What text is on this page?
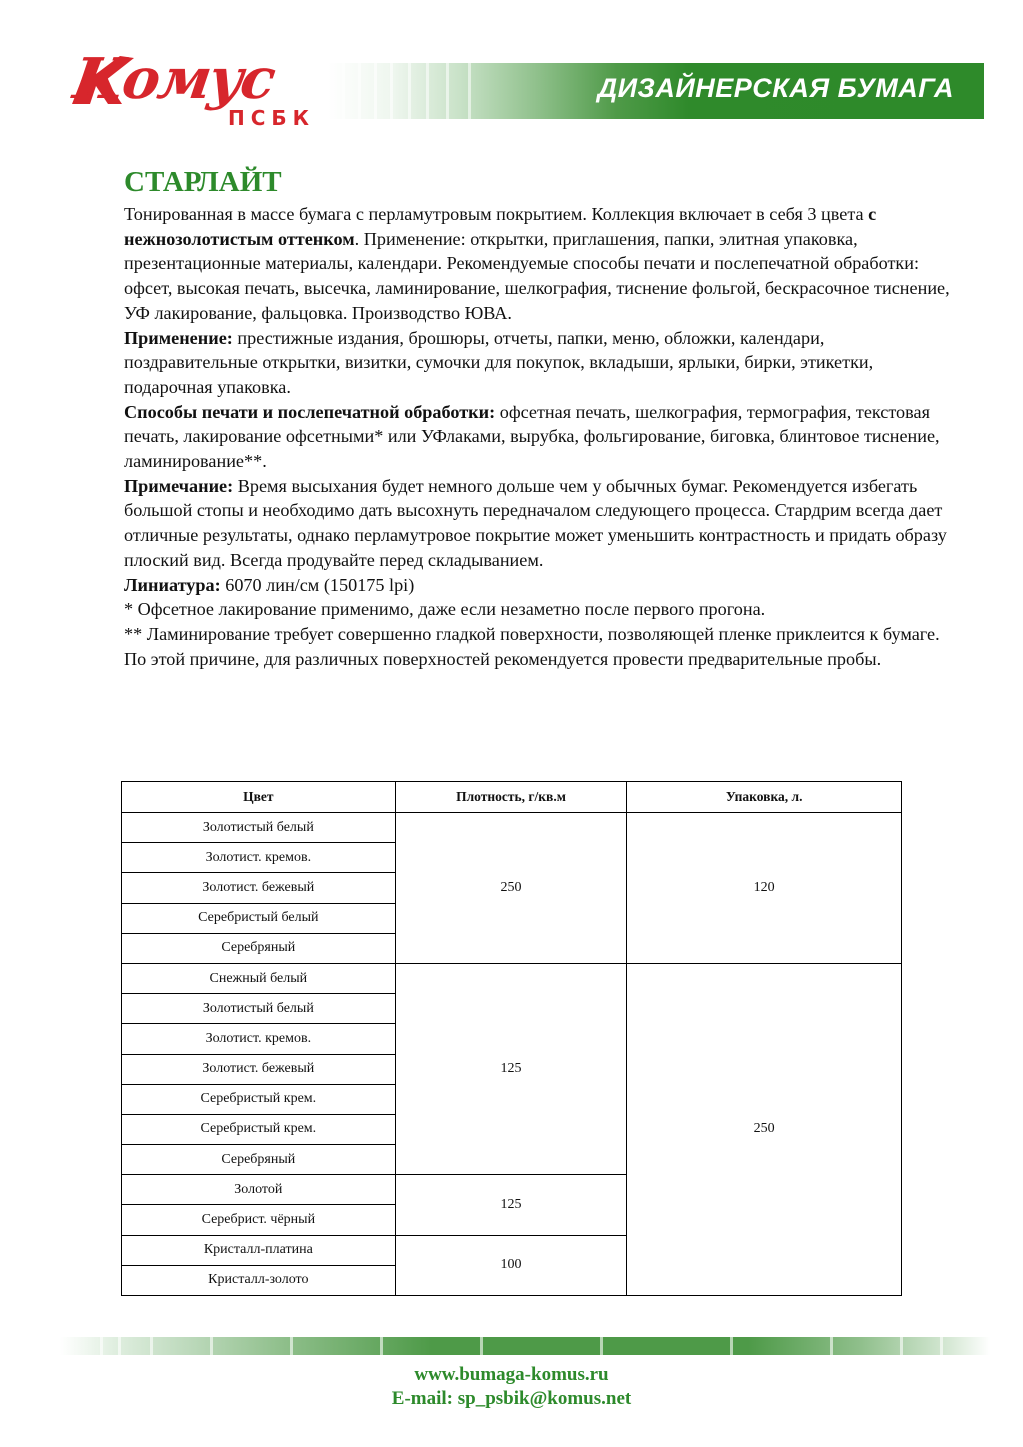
Комус
ПСБК
ДИЗАЙНЕРСКАЯ БУМАГА
СТАРЛАЙТ

Тонированная в массе бумага с перламутровым покрытием. Коллекция включает в себя 3 цвета с нежнозолотистым оттенком. Применение: открытки, приглашения, папки, элитная упаковка, презентационные материалы, календари. Рекомендуемые способы печати и послепечатной обработки: офсет, высокая печать, высечка, ламинирование, шелкография, тиснение фольгой, бескрасочное тиснение, УФ лакирование, фальцовка. Производство ЮВА.

Применение: престижные издания, брошюры, отчеты, папки, меню, обложки, календари, поздравительные открытки, визитки, сумочки для покупок, вкладыши, ярлыки, бирки, этикетки, подарочная упаковка.

Способы печати и послепечатной обработки: офсетная печать, шелкография, термография, текстовая печать, лакирование офсетными* или УФлаками, вырубка, фольгирование, биговка, блинтовое тиснение, ламинирование**.

Примечание: Время высыхания будет немного дольше чем у обычных бумаг. Рекомендуется избегать большой стопы и необходимо дать высохнуть передначалом следующего процесса. Стардрим всегда дает отличные результаты, однако перламутровое покрытие может уменьшить контрастность и придать образу плоский вид. Всегда продувайте перед складыванием.

Линиатура: 6070 лин/см (150175 lpi)

* Офсетное лакирование применимо, даже если незаметно после первого прогона.

** Ламинирование требует совершенно гладкой поверхности, позволяющей пленке приклеится к бумаге.

По этой причине, для различных поверхностей рекомендуется провести предварительные пробы.

Цвет	Плотность, г/кв.м	Упаковка, л.
Золотистый белый	250	120
Золотист. кремов.		
Золотист. бежевый		
Серебристый белый		
Серебряный		
Снежный белый	125	250
Золотистый белый		
Золотист. кремов.		
Золотист. бежевый		
Серебристый крем.		
Серебристый крем.		
Серебряный		
Золотой	125	
Серебрист. чёрный		
Кристалл-платина	100	
Кристалл-золото		
www.bumaga-komus.ru
E-mail: sp_psbik@komus.net
